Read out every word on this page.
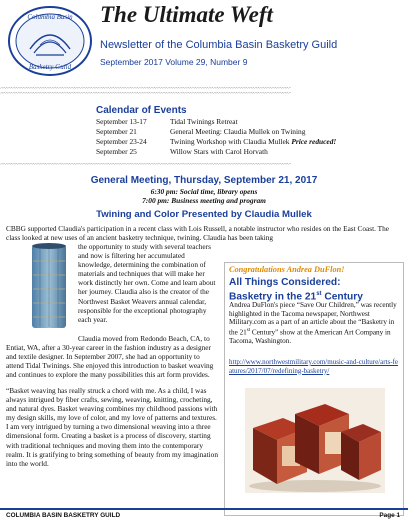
Columbia Basin
Basketry Guild
The Ultimate Weft
Newsletter of the Columbia Basin Basketry Guild
September 2017 Volume 29, Number 9
>>>>>>>>>>>>>>>>>>>>>>>>>>>>>>>>>>>>>>>>>>>>>>>>>>>>>>>>>>>>>>>>>>>>>>>>>>>>>>>>>>>>>>>>>>>>>>>>>>>>>>>>>>>>>>>>>>>>>>>>
>>>>>>>>>>>>>>>>>>>>>>>>>>>>>>>>>>>>>>>>>>>>>>>>>>>>>>>>>>>>>>>>>>>>>>>>>>>>>>>>>>>>>>>>>>>>>>>>>>>>>>>>>>>>>>>>>>>>>>>>
Calendar of Events
September 13-17	Tidal Twinings Retreat
September 21	General Meeting: Claudia Mullek on Twining
September 23-24	Twining Workshop with Claudia Mullek Price reduced!
September 25	Willow Stars with Carol Horvath
>>>>>>>>>>>>>>>>>>>>>>>>>>>>>>>>>>>>>>>>>>>>>>>>>>>>>>>>>>>>>>>>>>>>>>>>>>>>>>>>>>>>>>>>>>>>>>>>>>>>>>>>>>>>>>>>>>>>>>>>
General Meeting, Thursday, September 21, 2017
6:30 pm: Social time, library opens
7:00 pm: Business meeting and program
Twining and Color Presented by Claudia Mullek
CBBG supported Claudia's participation in a recent class with Lois Russell, a notable instructor who resides on the East Coast. The class looked at new uses of an ancient basketry technique, twining. Claudia has been taking
the opportunity to study with several teachers and now is filtering her accumulated knowledge, determining the combination of materials and techniques that will make her work distinctly her own. Come and learn about her journey. Claudia also is the creator of the Northwest Basket Weavers annual calendar, responsible for the exceptional photography each year.
Claudia moved from Redondo Beach, CA, to
Entiat, WA, after a 30-year career in the fashion industry as a designer and textile designer. In September 2007, she had an opportunity to attend Tidal Twinings. She enjoyed this introduction to basket weaving and continues to explore the many possibilities this art form provides.
“Basket weaving has really struck a chord with me. As a child, I was always intrigued by fiber crafts, sewing, weaving, knitting, crocheting, and natural dyes. Basket weaving combines my childhood passions with my design skills, my love of color, and my love of patterns and textures. I am very intrigued by turning a two dimensional weaving into a three dimensional form. Creating a basket is a process of discovery, starting with traditional techniques and moving them into the contemporary realm. It is gratifying to bring something of beauty from my imagination into the world.
Congratulations Andrea DuFlon!
All Things Considered:
Basketry in the 21st Century
Andrea DuFlon's piece “Save Our Children,” was recently highlighted in the Tacoma newspaper, Northwest Military.com as a part of an article about the “Basketry in the 21st Century” show at the American Art Company in Tacoma, Washington.
http://www.northwestmilitary.com/music-and-culture/arts-features/2017/07/redefining-basketry/
COLUMBIA BASIN BASKETRY GUILD	Page 1
